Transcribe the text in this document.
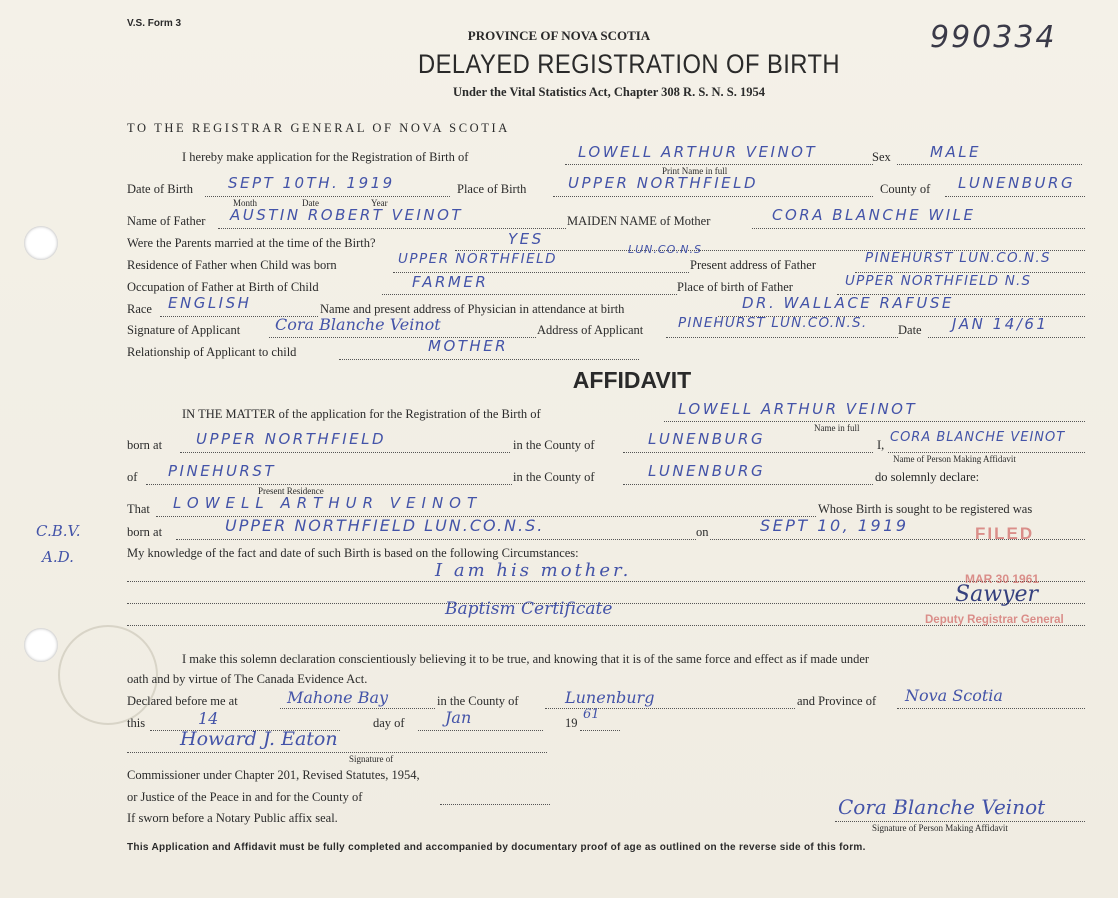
V.S. Form 3	990334
PROVINCE OF NOVA SCOTIA
DELAYED REGISTRATION OF BIRTH
Under the Vital Statistics Act, Chapter 308 R. S. N. S. 1954
TO THE REGISTRAR GENERAL OF NOVA SCOTIA
I hereby make application for the Registration of Birth of	LOWELL ARTHUR VEINOT
Print Name in full
Sex	MALE
Date of Birth SEPT 10TH. 1919
Month	Date	Year
Place of Birth	UPPER NORTHFIELD	County of LUNENBURG
Name of Father AUSTIN ROBERT VEINOT	MAIDEN NAME of Mother	CORA BLANCHE WILE
Were the Parents married at the time of the Birth?	YES
Residence of Father when Child was born	UPPER NORTHFIELD
LUN.CO.N.S
Present address of Father	PINEHURST LUN.CO.N.S
Occupation of Father at Birth of Child	FARMER	Place of birth of Father	UPPER NORTHFIELD N.S
Race ENGLISH	Name and present address of Physician in attendance at birth	DR. WALLACE RAFUSE
Signature of Applicant Cora Blanche Veinot	Address of Applicant	PINEHURST LUN.CO.N.S. Date JAN 14/61
Relationship of Applicant to child	MOTHER
AFFIDAVIT
IN THE MATTER of the application for the Registration of the Birth of	LOWELL ARTHUR VEINOT
Name in full
born at UPPER NORTHFIELD	in the County of	LUNENBURG	I, CORA BLANCHE VEINOT
Name of Person Making Affidavit
of PINEHURST
Present Residence
in the County of	LUNENBURG	do solemnly declare:
That LOWELL ARTHUR VEINOT	Whose Birth is sought to be registered was
born at	UPPER NORTHFIELD LUN.CO.N.S.	on	SEPT 10, 1919
My knowledge of the fact and date of such Birth is based on the following Circumstances:
I am his mother.
Baptism Certificate
C.B.V.
A.D.
I make this solemn declaration conscientiously believing it to be true, and knowing that it is of the same force and effect as if made under
oath and by virtue of The Canada Evidence Act.
Declared before me at	Mahone Bay	in the County of	Lunenburg	and Province of Nova Scotia
this	14	day of	Jan	19
61
Howard J. Eaton
Signature of
Commissioner under Chapter 201, Revised Statutes, 1954,
or Justice of the Peace in and for the County of
If sworn before a Notary Public affix seal.	Cora Blanche Veinot
Signature of Person Making Affidavit
FILED
MAR 30 1961
Deputy Registrar General
Sawyer
This Application and Affidavit must be fully completed and accompanied by documentary proof of age as outlined on the reverse side of this form.
